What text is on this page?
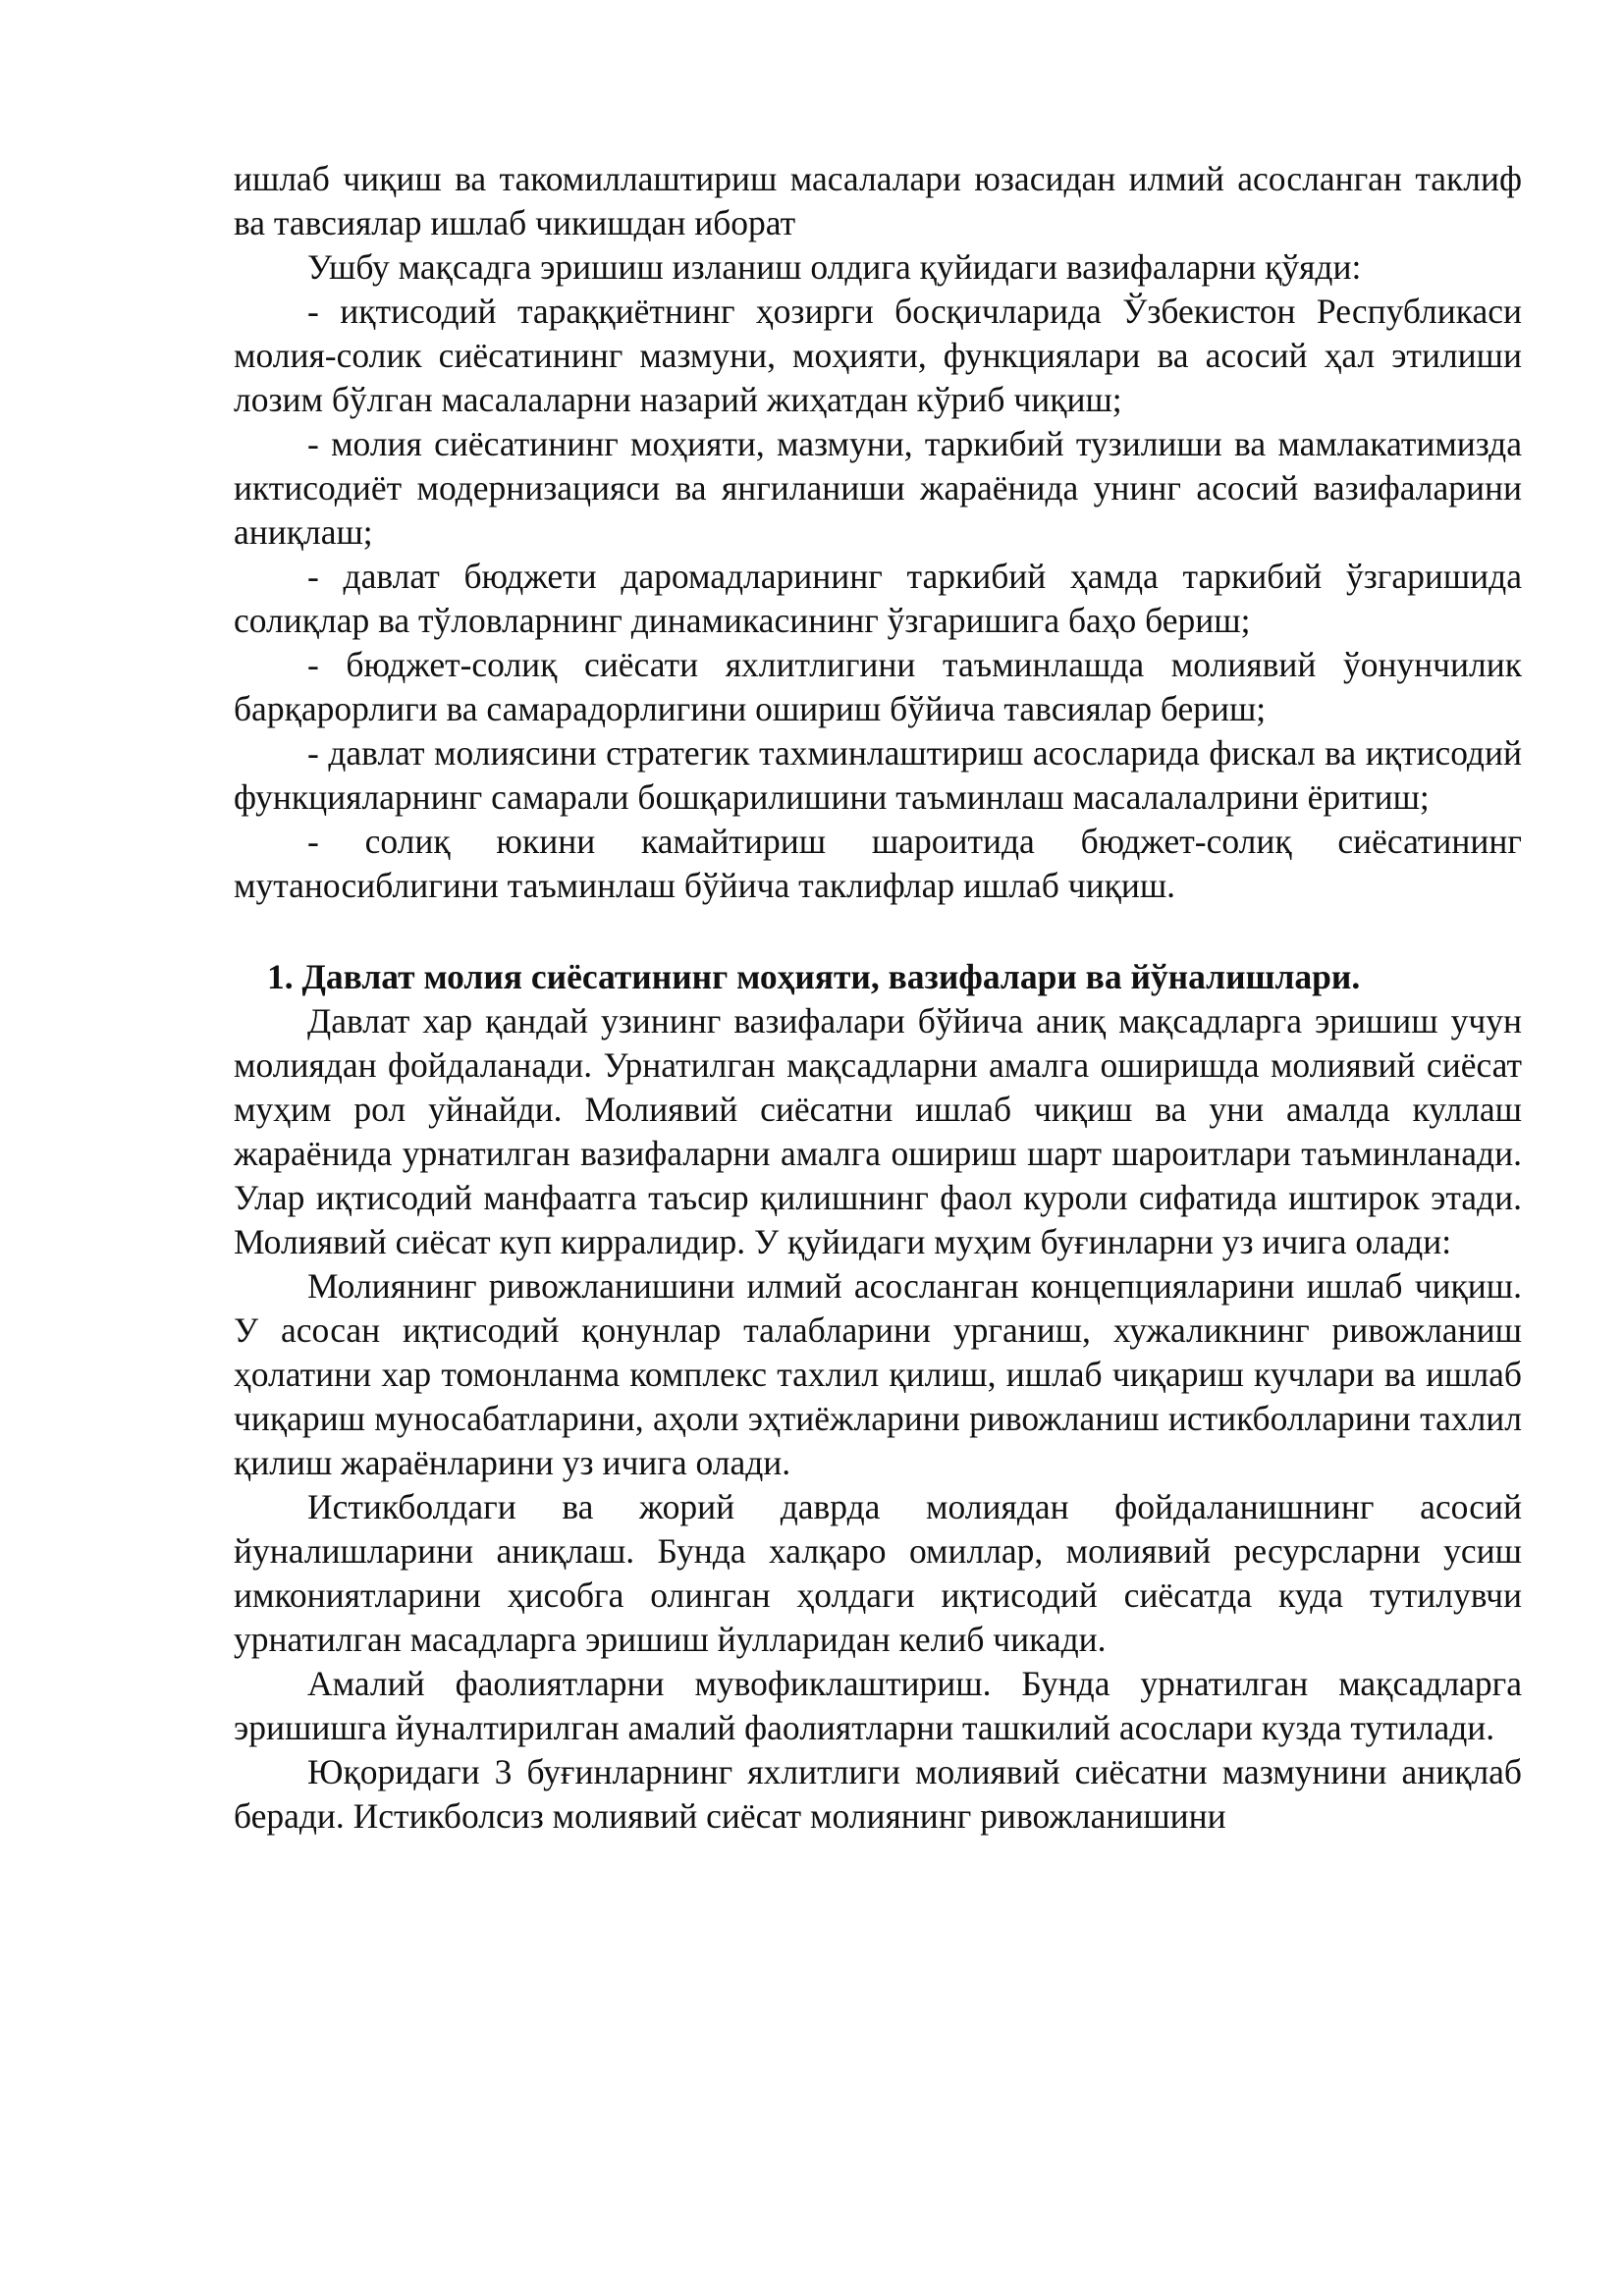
ишлаб чиқиш ва такомиллаштириш масалалари юзасидан илмий асосланган таклиф ва тавсиялар ишлаб чикишдан иборат

Ушбу мақсадга эришиш изланиш олдига қуйидаги вазифаларни қўяди:

- иқтисодий тараққиётнинг ҳозирги босқичларида Ўзбекистон Республикаси молия-солик сиёсатининг мазмуни, моҳияти, функциялари ва асосий ҳал этилиши лозим бўлган масалаларни назарий жиҳатдан кўриб чиқиш;

- молия сиёсатининг моҳияти, мазмуни, таркибий тузилиши ва мамлакатимизда иктисодиёт модернизацияси ва янгиланиши жараёнида унинг асосий вазифаларини аниқлаш;

- давлат бюджети даромадларининг таркибий ҳамда таркибий ўзгаришида солиқлар ва тўловларнинг динамикасининг ўзгаришига баҳо бериш;

- бюджет-солиқ сиёсати яхлитлигини таъминлашда молиявий ўонунчилик барқарорлиги ва самарадорлигини ошириш бўйича тавсиялар бериш;

- давлат молиясини стратегик тахминлаштириш асосларида фискал ва иқтисодий функцияларнинг самарали бошқарилишини таъминлаш масалалалрини ёритиш;

- солиқ юкини камайтириш шароитида бюджет-солиқ сиёсатининг мутаносиблигини таъминлаш бўйича таклифлар ишлаб чиқиш.

1. Давлат молия сиёсатининг моҳияти, вазифалари ва йўналишлари.

Давлат хар қандай узининг вазифалари бўйича аниқ мақсадларга эришиш учун молиядан фойдаланади. Урнатилган мақсадларни амалга оширишда молиявий сиёсат муҳим рол уйнайди. Молиявий сиёсатни ишлаб чиқиш ва уни амалда куллаш жараёнида урнатилган вазифаларни амалга ошириш шарт шароитлари таъминланади. Улар иқтисодий манфаатга таъсир қилишнинг фаол куроли сифатида иштирок этади. Молиявий сиёсат куп кирралидир. У қуйидаги муҳим буғинларни уз ичига олади:

Молиянинг ривожланишини илмий асосланган концепцияларини ишлаб чиқиш. У асосан иқтисодий қонунлар талабларини урганиш, хужаликнинг ривожланиш ҳолатини хар томонланма комплекс тахлил қилиш, ишлаб чиқариш кучлари ва ишлаб чиқариш муносабатларини, аҳоли эҳтиёжларини ривожланиш истикболларини тахлил қилиш жараёнларини уз ичига олади.

Истикболдаги ва жорий даврда молиядан фойдаланишнинг асосий йуналишларини аниқлаш. Бунда халқаро омиллар, молиявий ресурсларни усиш имкониятларини ҳисобга олинган ҳолдаги иқтисодий сиёсатда куда тутилувчи урнатилган масадларга эришиш йулларидан келиб чикади.

Амалий фаолиятларни мувофиклаштириш. Бунда урнатилган мақсадларга эришишга йуналтирилган амалий фаолиятларни ташкилий асослари кузда тутилади.

Юқоридаги 3 буғинларнинг яхлитлиги молиявий сиёсатни мазмунини аниқлаб беради. Истикболсиз молиявий сиёсат молиянинг ривожланишини
